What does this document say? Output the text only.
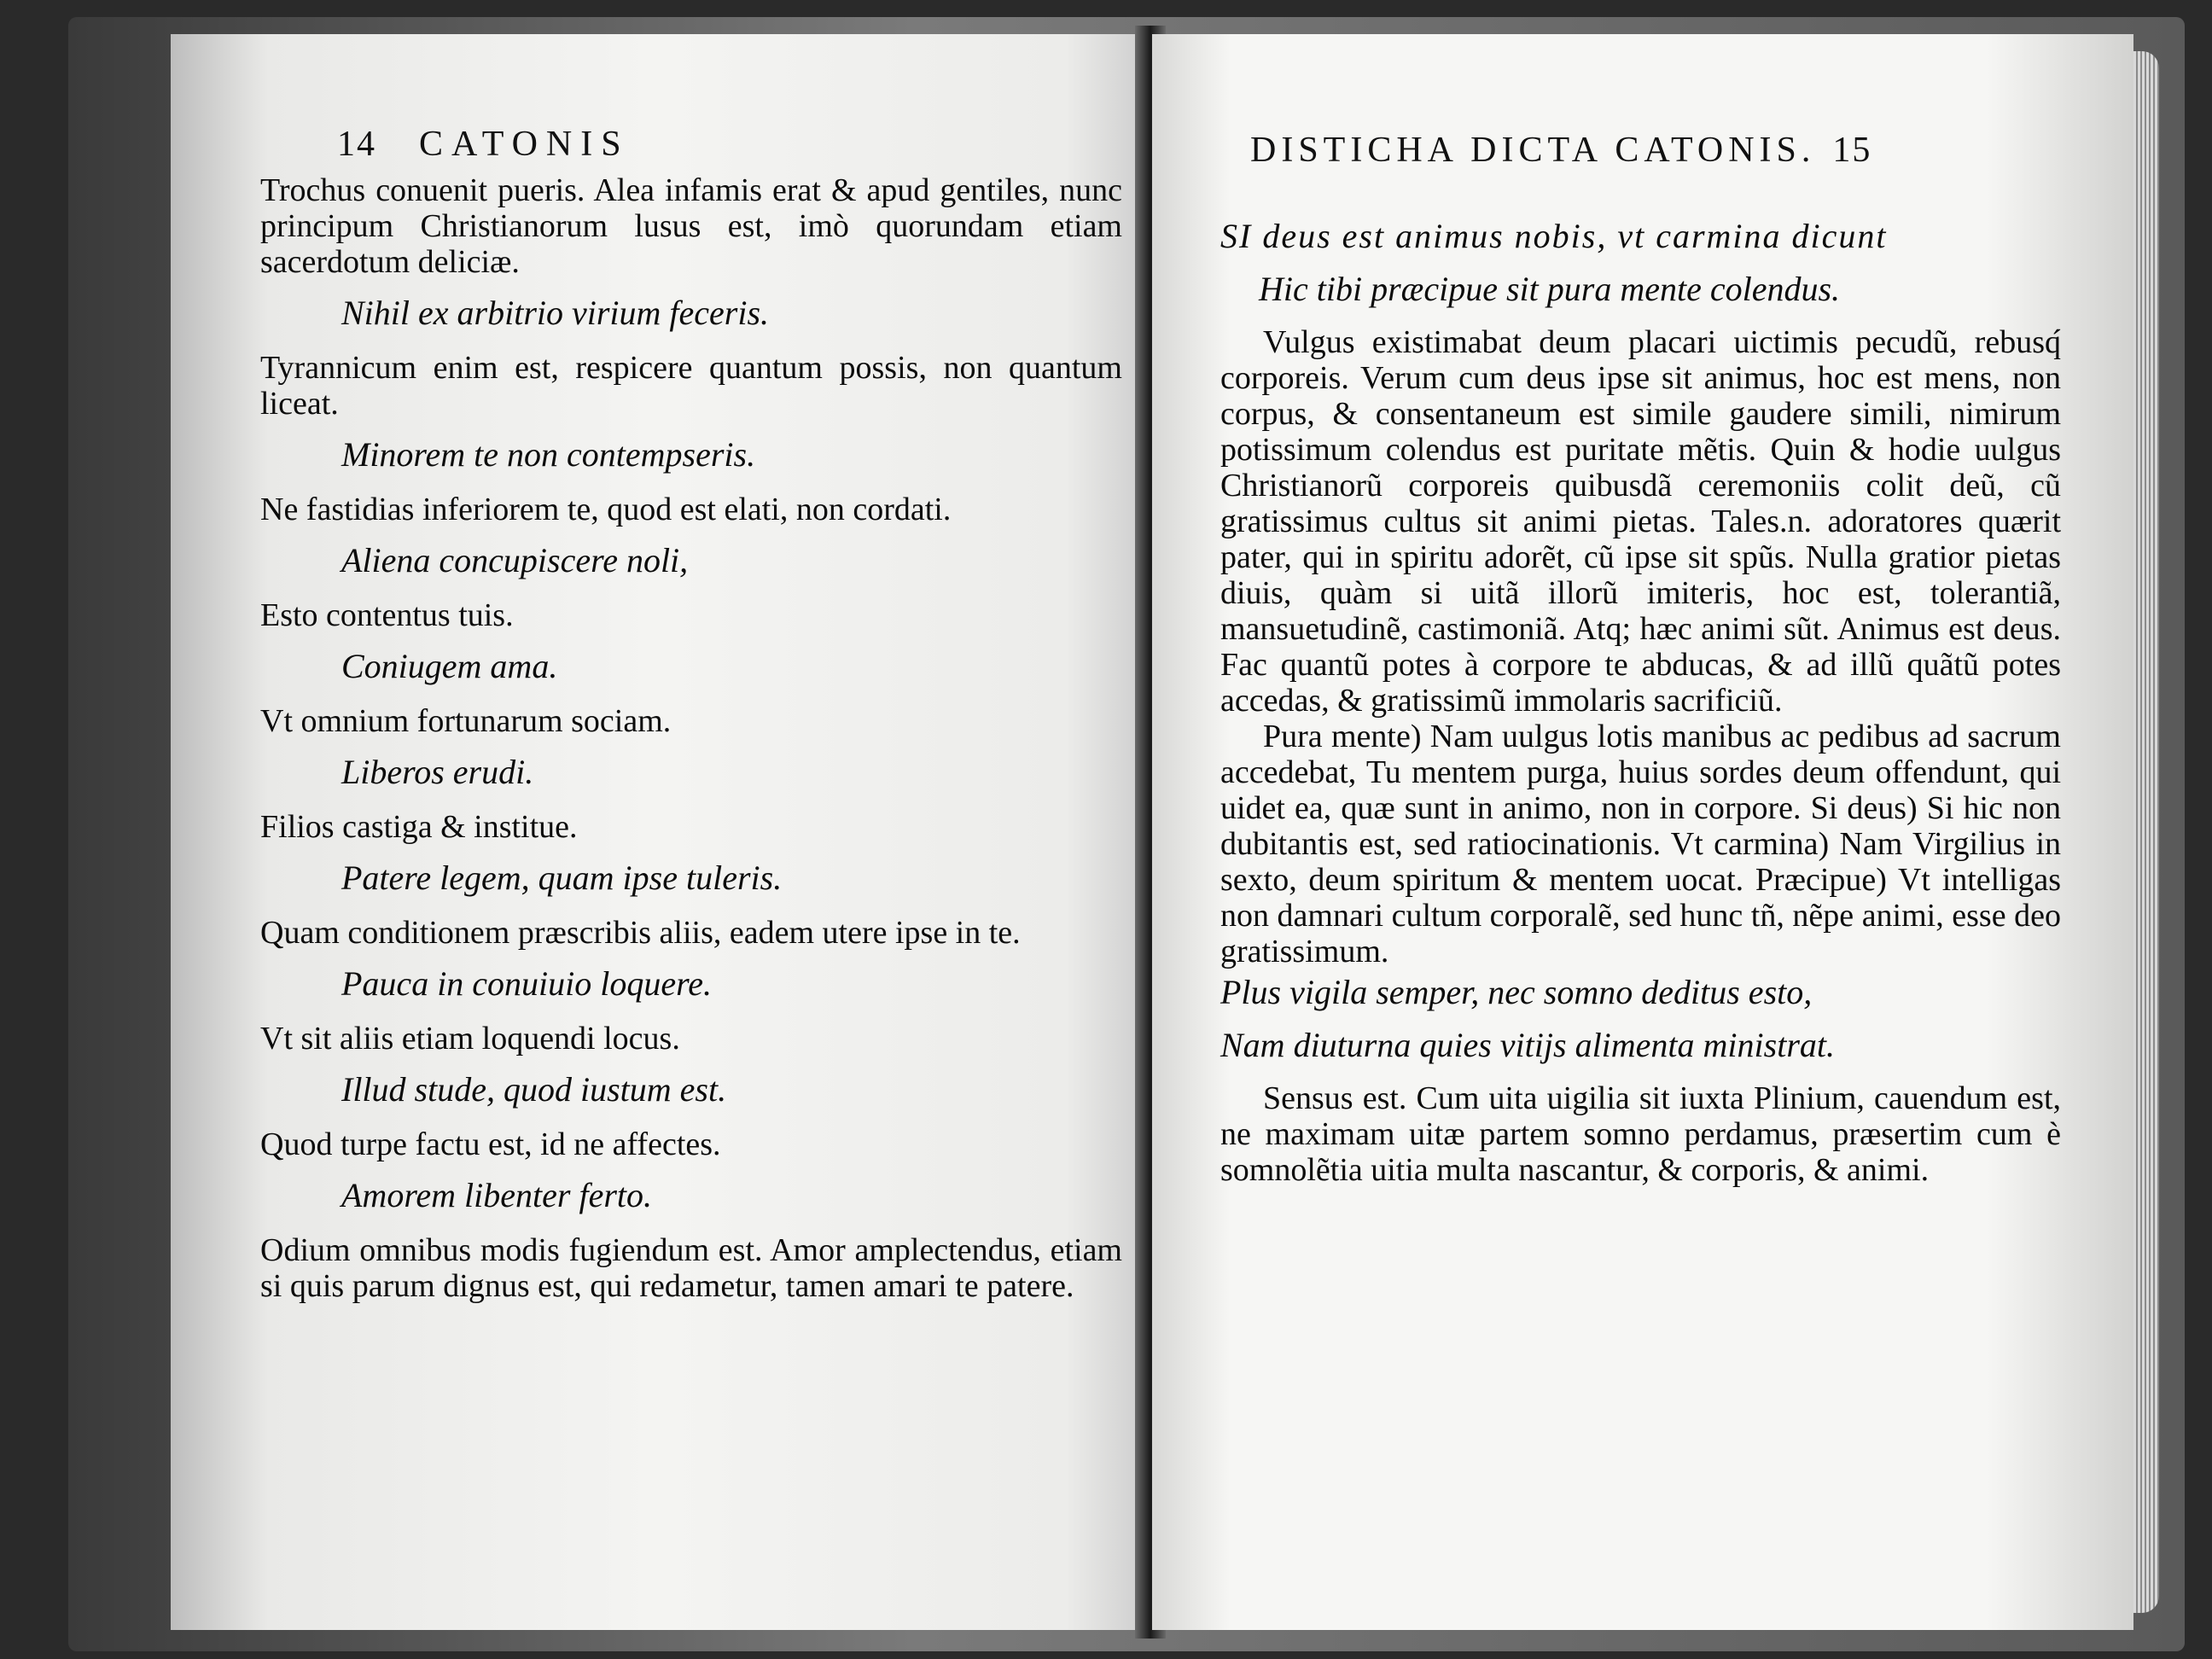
14 CATONIS

Trochus conuenit pueris. Alea infamis erat & apud gentiles, nunc principum Christianorum lusus est, imò quorundam etiam sacerdotum deliciæ.

Nihil ex arbitrio virium feceris.

Tyrannicum enim est, respicere quantum possis, non quantum liceat.

Minorem te non contempseris.

Ne fastidias inferiorem te, quod est elati, non cordati.

Aliena concupiscere noli,

Esto contentus tuis.

Coniugem ama.

Vt omnium fortunarum sociam.

Liberos erudi.

Filios castiga & institue.

Patere legem, quam ipse tuleris.

Quam conditionem præscribis aliis, eadem utere ipse in te.

Pauca in conuiuio loquere.

Vt sit aliis etiam loquendi locus.

Illud stude, quod iustum est.

Quod turpe factu est, id ne affectes.

Amorem libenter ferto.

Odium omnibus modis fugiendum est. Amor amplectendus, etiam si quis parum dignus est, qui redametur, tamen amari te patere.

DISTICHA DICTA CATONIS. 15

SI deus est animus nobis, vt carmina dicunt

Hic tibi præcipue sit pura mente colendus.

Vulgus existimabat deum placari uictimis pecudũ, rebusq́ corporeis. Verum cum deus ipse sit animus, hoc est mens, non corpus, & consentaneum est simile gaudere simili, nimirum potissimum colendus est puritate mẽtis. Quin & hodie uulgus Christianorũ corporeis quibusdã ceremoniis colit deũ, cũ gratissimus cultus sit animi pietas. Tales.n. adoratores quærit pater, qui in spiritu adorẽt, cũ ipse sit spũs. Nulla gratior pietas diuis, quàm si uitã illorũ imiteris, hoc est, tolerantiã, mansuetudinẽ, castimoniã. Atq; hæc animi sũt. Animus est deus. Fac quantũ potes à corpore te abducas, & ad illũ quãtũ potes accedas, & gratissimũ immolaris sacrificiũ.

Pura mente) Nam uulgus lotis manibus ac pedibus ad sacrum accedebat, Tu mentem purga, huius sordes deum offendunt, qui uidet ea, quæ sunt in animo, non in corpore. Si deus) Si hic non dubitantis est, sed ratiocinationis. Vt carmina) Nam Virgilius in sexto, deum spiritum & mentem uocat. Præcipue) Vt intelligas non damnari cultum corporalẽ, sed hunc tñ, nẽpe animi, esse deo gratissimum.

Plus vigila semper, nec somno deditus esto,

Nam diuturna quies vitijs alimenta ministrat.

Sensus est. Cum uita uigilia sit iuxta Plinium, cauendum est, ne maximam uitæ partem somno perdamus, præsertim cum è somnolẽtia uitia multa nascantur, & corporis, & animi.
